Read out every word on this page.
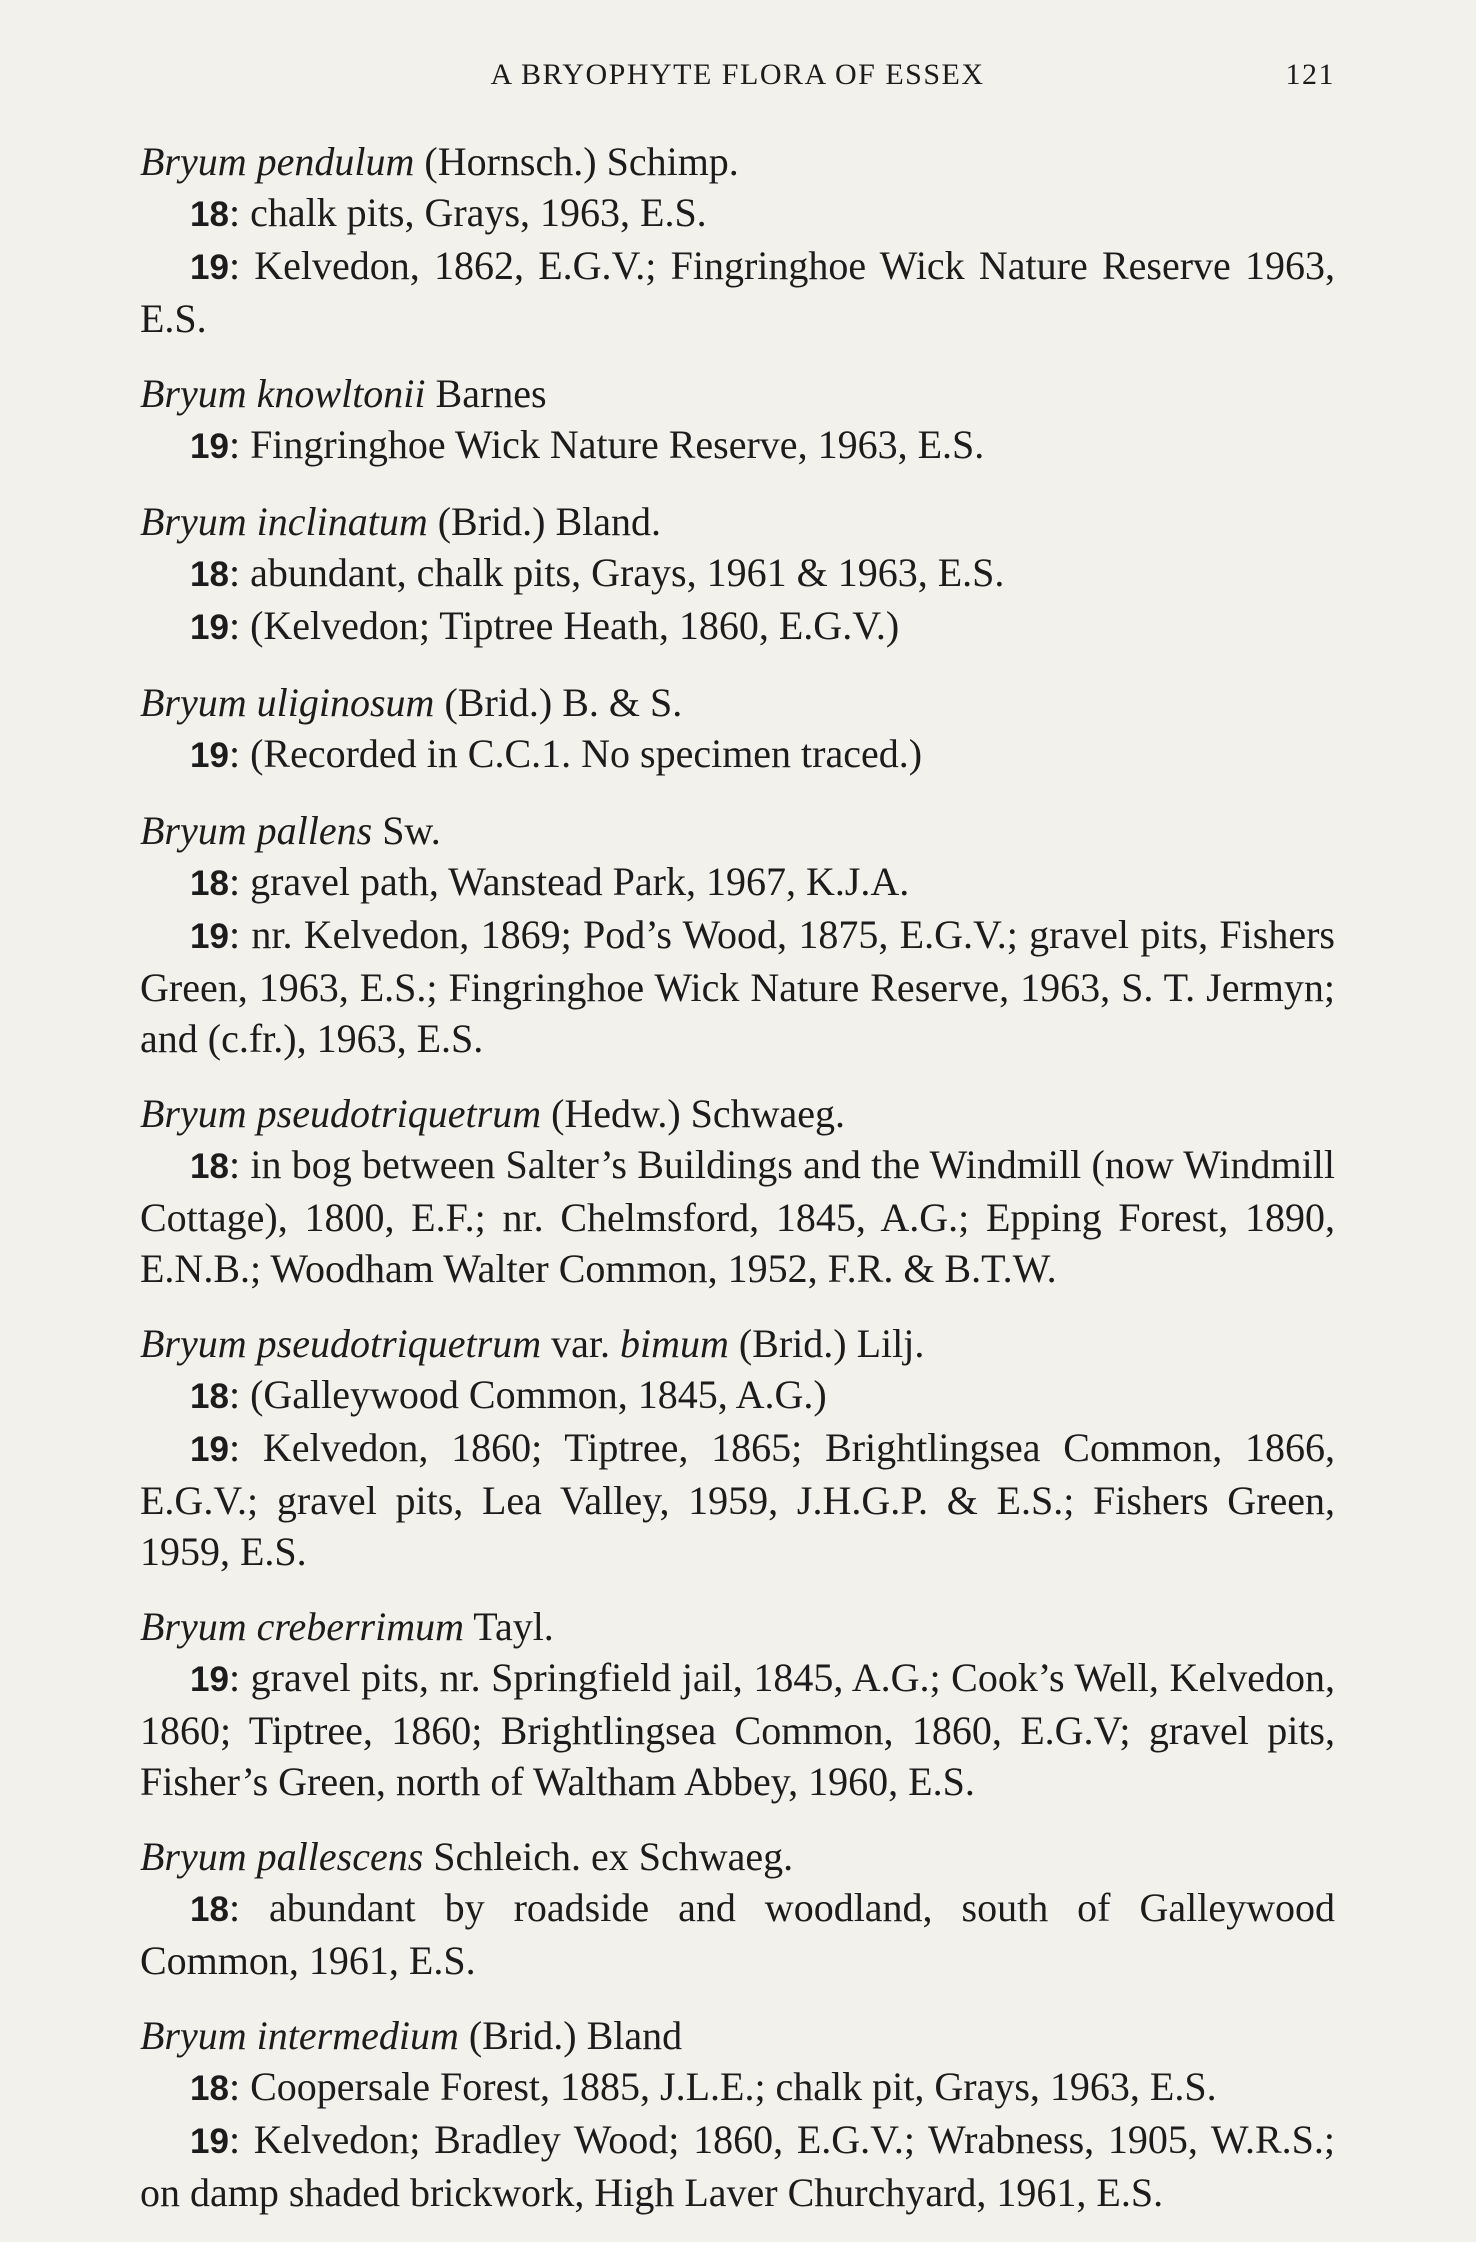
A BRYOPHYTE FLORA OF ESSEX	121
Bryum pendulum (Hornsch.) Schimp.
18: chalk pits, Grays, 1963, E.S.
19: Kelvedon, 1862, E.G.V.; Fingringhoe Wick Nature Reserve 1963, E.S.
Bryum knowltonii Barnes
19: Fingringhoe Wick Nature Reserve, 1963, E.S.
Bryum inclinatum (Brid.) Bland.
18: abundant, chalk pits, Grays, 1961 & 1963, E.S.
19: (Kelvedon; Tiptree Heath, 1860, E.G.V.)
Bryum uliginosum (Brid.) B. & S.
19: (Recorded in C.C.1. No specimen traced.)
Bryum pallens Sw.
18: gravel path, Wanstead Park, 1967, K.J.A.
19: nr. Kelvedon, 1869; Pod’s Wood, 1875, E.G.V.; gravel pits, Fishers Green, 1963, E.S.; Fingringhoe Wick Nature Reserve, 1963, S. T. Jermyn; and (c.fr.), 1963, E.S.
Bryum pseudotriquetrum (Hedw.) Schwaeg.
18: in bog between Salter’s Buildings and the Windmill (now Windmill Cottage), 1800, E.F.; nr. Chelmsford, 1845, A.G.; Epping Forest, 1890, E.N.B.; Woodham Walter Common, 1952, F.R. & B.T.W.
Bryum pseudotriquetrum var. bimum (Brid.) Lilj.
18: (Galleywood Common, 1845, A.G.)
19: Kelvedon, 1860; Tiptree, 1865; Brightlingsea Common, 1866, E.G.V.; gravel pits, Lea Valley, 1959, J.H.G.P. & E.S.; Fishers Green, 1959, E.S.
Bryum creberrimum Tayl.
19: gravel pits, nr. Springfield jail, 1845, A.G.; Cook’s Well, Kelvedon, 1860; Tiptree, 1860; Brightlingsea Common, 1860, E.G.V; gravel pits, Fisher’s Green, north of Waltham Abbey, 1960, E.S.
Bryum pallescens Schleich. ex Schwaeg.
18: abundant by roadside and woodland, south of Galleywood Common, 1961, E.S.
Bryum intermedium (Brid.) Bland
18: Coopersale Forest, 1885, J.L.E.; chalk pit, Grays, 1963, E.S.
19: Kelvedon; Bradley Wood; 1860, E.G.V.; Wrabness, 1905, W.R.S.; on damp shaded brickwork, High Laver Churchyard, 1961, E.S.
